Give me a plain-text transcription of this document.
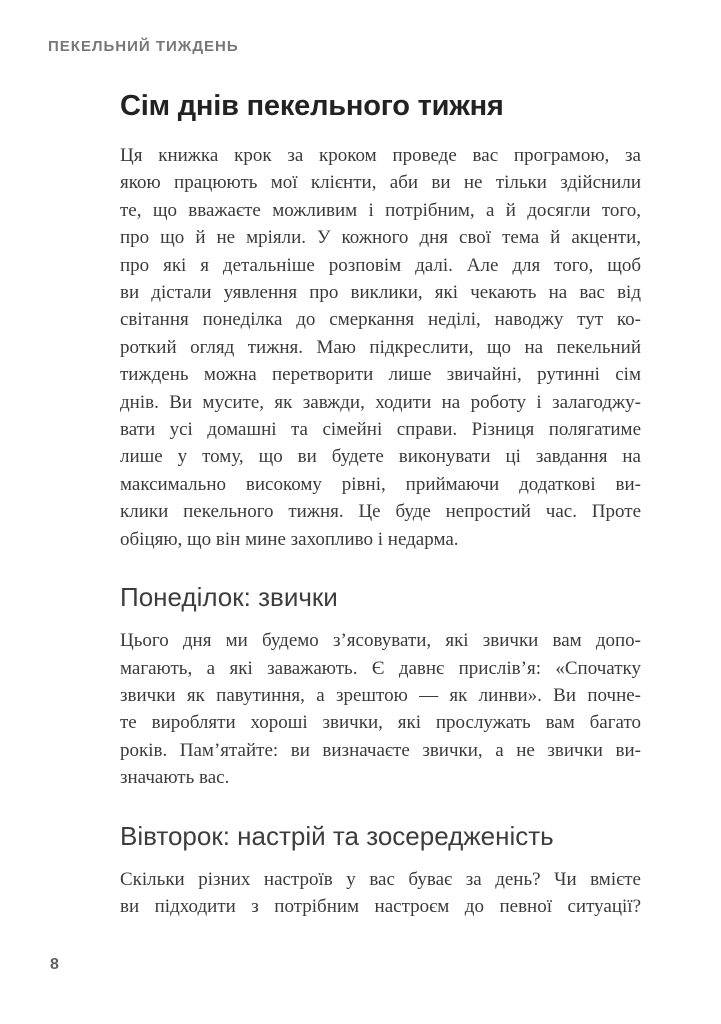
ПЕКЕЛЬНИЙ ТИЖДЕНЬ
Сім днів пекельного тижня
Ця книжка крок за кроком проведе вас програмою, за
якою працюють мої клієнти, аби ви не тільки здійснили
те, що вважаєте можливим і потрібним, а й досягли того,
про що й не мріяли. У кожного дня свої тема й акценти,
про які я детальніше розповім далі. Але для того, щоб
ви дістали уявлення про виклики, які чекають на вас від
світання понеділка до смеркання неділі, наводжу тут ко-
роткий огляд тижня. Маю підкреслити, що на пекельний
тиждень можна перетворити лише звичайні, рутинні сім
днів. Ви мусите, як завжди, ходити на роботу і залагоджу-
вати усі домашні та сімейні справи. Різниця полягатиме
лише у тому, що ви будете виконувати ці завдання на
максимально високому рівні, приймаючи додаткові ви-
клики пекельного тижня. Це буде непростий час. Проте
обіцяю, що він мине захопливо і недарма.
Понеділок: звички
Цього дня ми будемо з’ясовувати, які звички вам допо-
магають, а які заважають. Є давнє прислів’я: «Спочатку
звички як павутиння, а зрештою — як линви». Ви почне-
те виробляти хороші звички, які прослужать вам багато
років. Пам’ятайте: ви визначаєте звички, а не звички ви-
значають вас.
Вівторок: настрій та зосередженість
Скільки різних настроїв у вас буває за день? Чи вмієте
ви підходити з потрібним настроєм до певної ситуації?
8
